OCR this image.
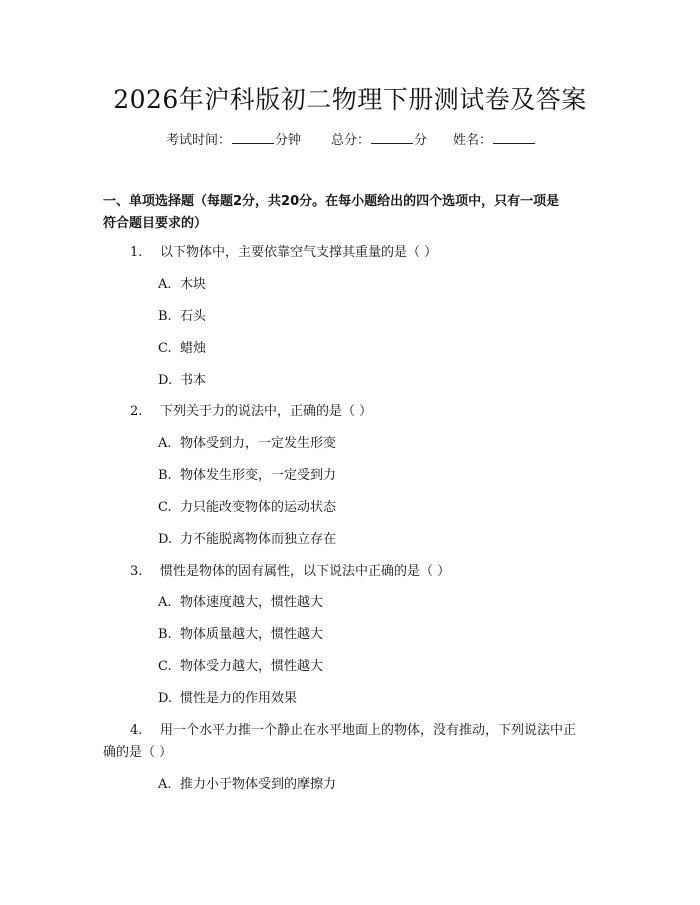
2026年沪科版初二物理下册测试卷及答案
考试时间：	分钟 总分：	分 姓名：
一、单项选择题（每题2分，共20分。在每小题给出的四个选项中，只有一项是
符合题目要求的）
1.	以下物体中，主要依靠空气支撑其重量的是（ ）
A. 木块
B. 石头
C. 蜡烛
D. 书本
2.	下列关于力的说法中，正确的是（ ）
A. 物体受到力，一定发生形变
B. 物体发生形变，一定受到力
C. 力只能改变物体的运动状态
D. 力不能脱离物体而独立存在
3.	惯性是物体的固有属性，以下说法中正确的是（ ）
A. 物体速度越大，惯性越大
B. 物体质量越大，惯性越大
C. 物体受力越大，惯性越大
D. 惯性是力的作用效果
4.	用一个水平力推一个静止在水平地面上的物体，没有推动，下列说法中正
确的是（ ）
A. 推力小于物体受到的摩擦力
